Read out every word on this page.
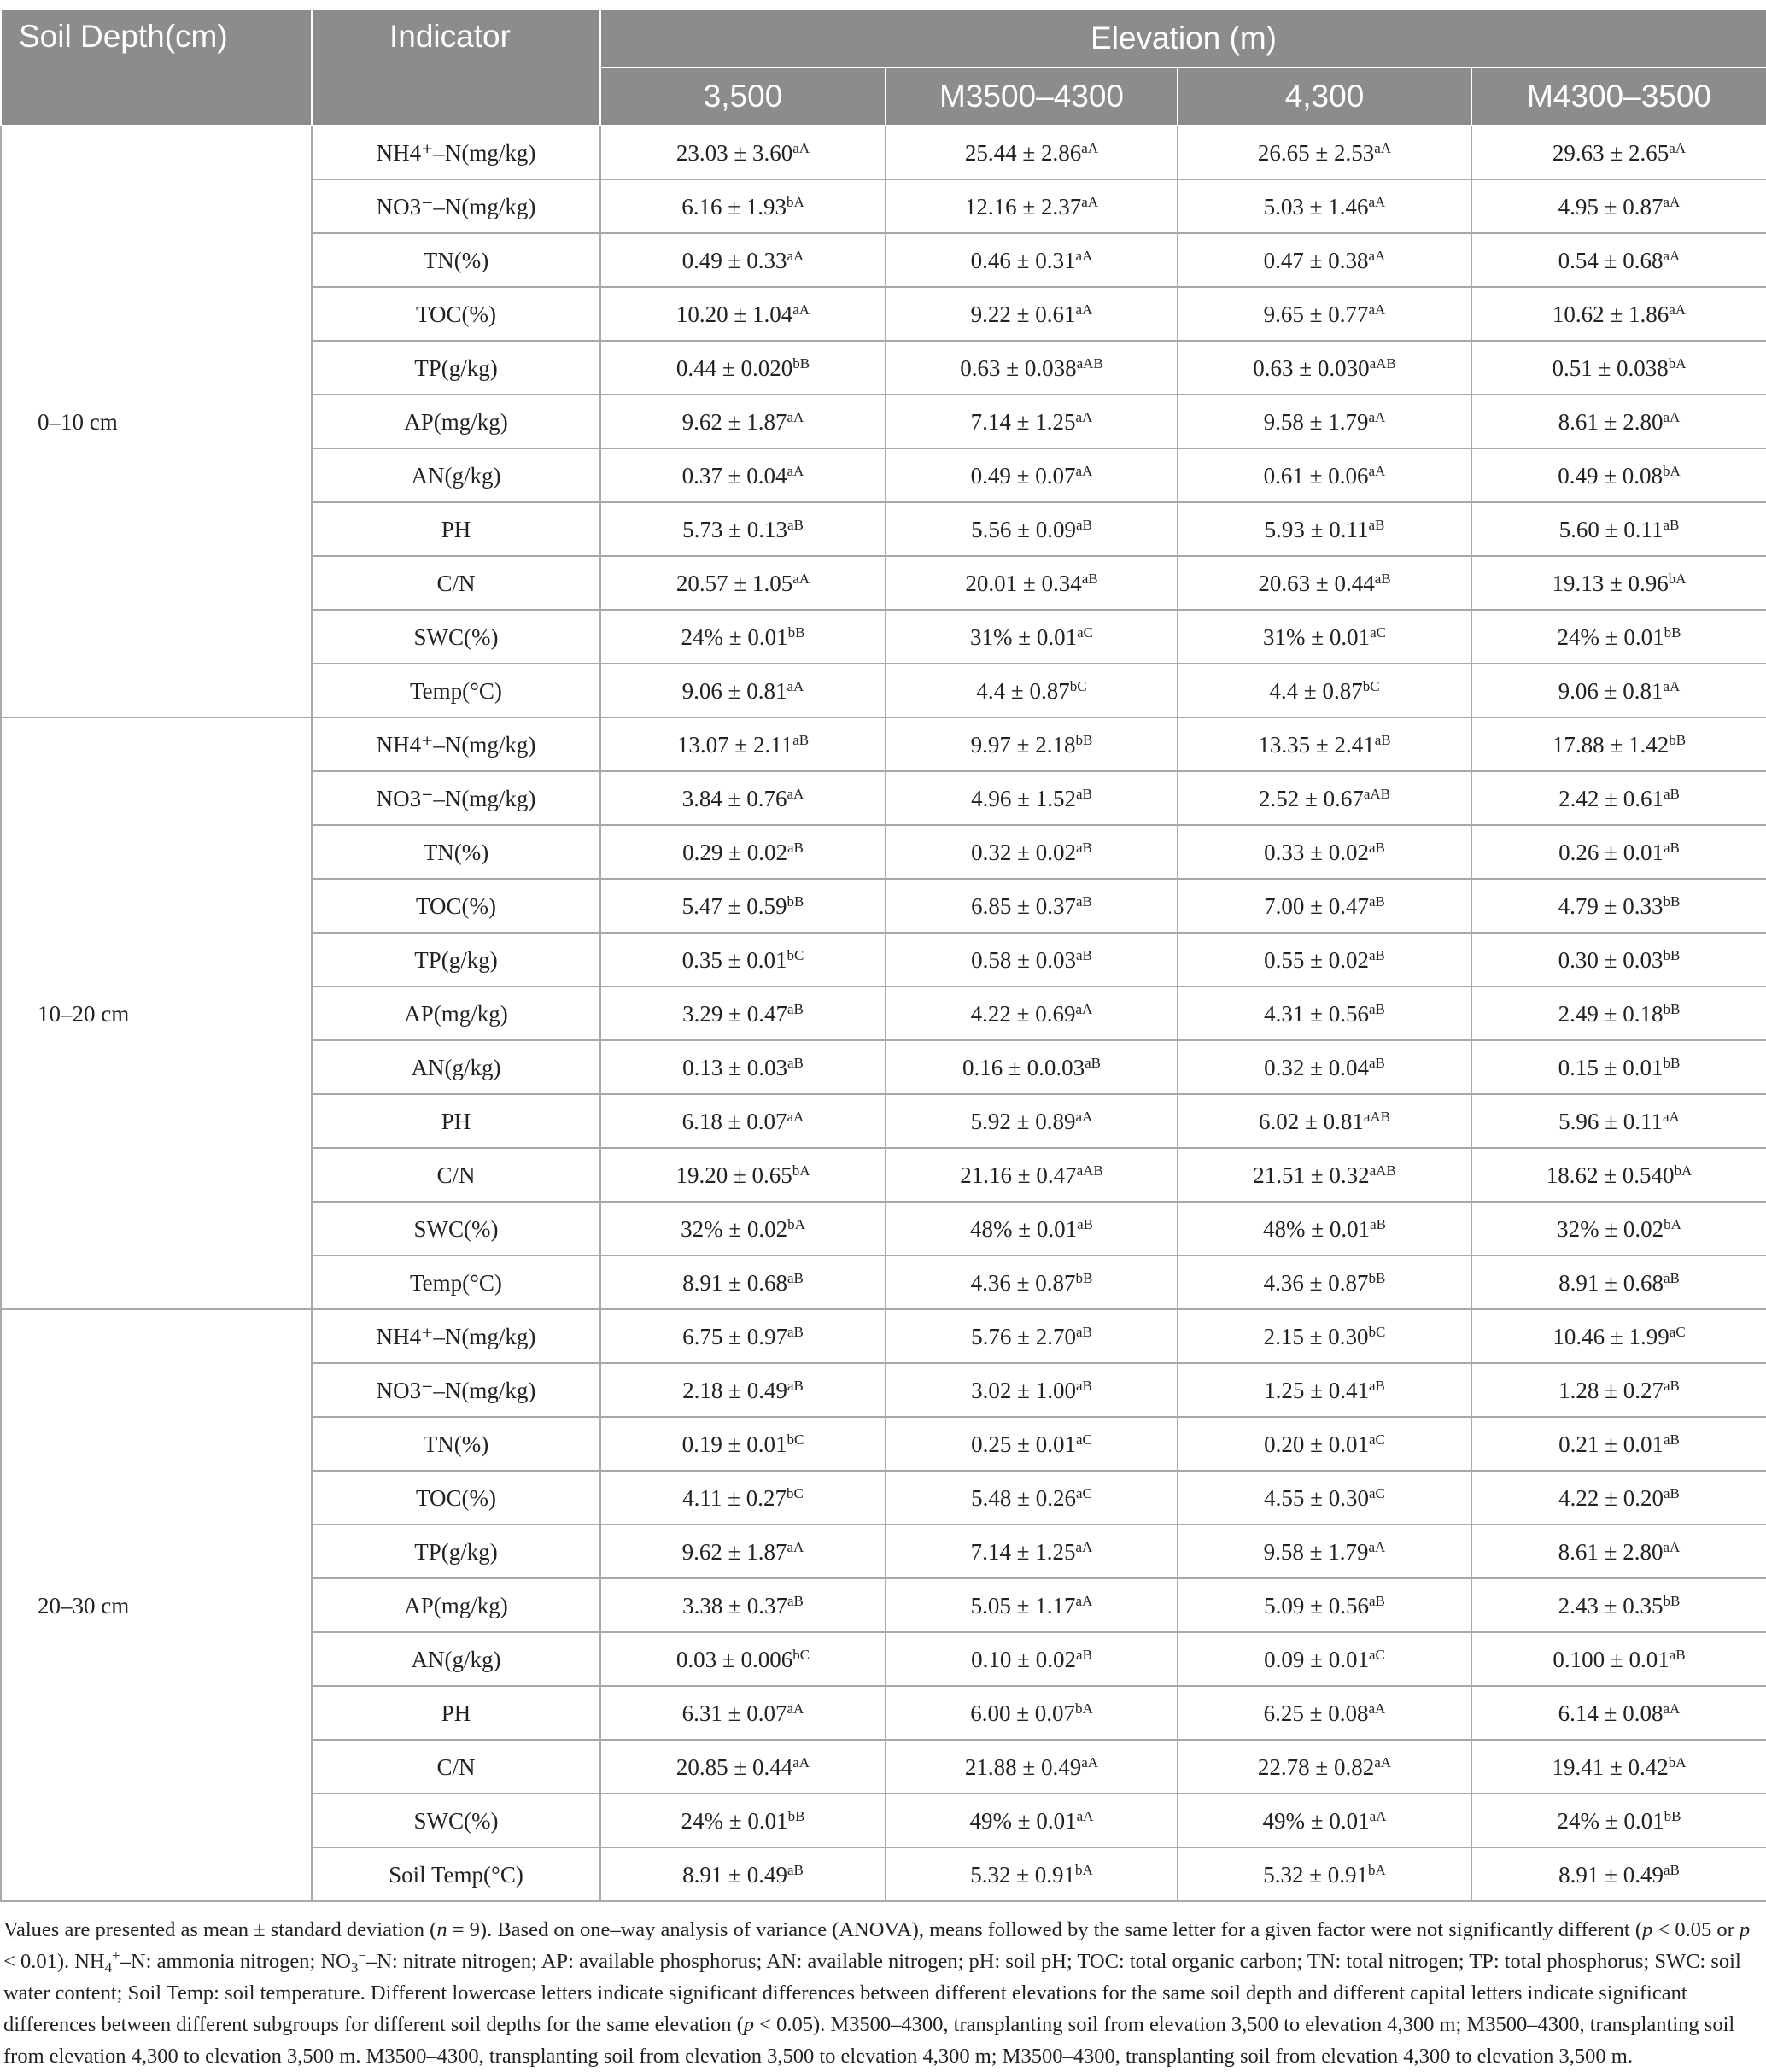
Soil Depth(cm)	Indicator	Elevation (m)			
		3,500	M3500–4300	4,300	M4300–3500
0–10 cm	NH4⁺–N(mg/kg)	$23.03 \pm 3.60^{aA}$	$25.44 \pm 2.86^{aA}$	$26.65 \pm 2.53^{aA}$	$29.63 \pm 2.65^{aA}$
	NO3⁻–N(mg/kg)	$6.16 \pm 1.93^{bA}$	$12.16 \pm 2.37^{aA}$	$5.03 \pm 1.46^{aA}$	$4.95 \pm 0.87^{aA}$
	TN(%)	$0.49 \pm 0.33^{aA}$	$0.46 \pm 0.31^{aA}$	$0.47 \pm 0.38^{aA}$	$0.54 \pm 0.68^{aA}$
	TOC(%)	$10.20 \pm 1.04^{aA}$	$9.22 \pm 0.61^{aA}$	$9.65 \pm 0.77^{aA}$	$10.62 \pm 1.86^{aA}$
	TP(g/kg)	$0.44 \pm 0.020^{bB}$	$0.63 \pm 0.038^{aAB}$	$0.63 \pm 0.030^{aAB}$	$0.51 \pm 0.038^{bA}$
	AP(mg/kg)	$9.62 \pm 1.87^{aA}$	$7.14 \pm 1.25^{aA}$	$9.58 \pm 1.79^{aA}$	$8.61 \pm 2.80^{aA}$
	AN(g/kg)	$0.37 \pm 0.04^{aA}$	$0.49 \pm 0.07^{aA}$	$0.61 \pm 0.06^{aA}$	$0.49 \pm 0.08^{bA}$
	PH	$5.73 \pm 0.13^{aB}$	$5.56 \pm 0.09^{aB}$	$5.93 \pm 0.11^{aB}$	$5.60 \pm 0.11^{aB}$
	C/N	$20.57 \pm 1.05^{aA}$	$20.01 \pm 0.34^{aB}$	$20.63 \pm 0.44^{aB}$	$19.13 \pm 0.96^{bA}$
	SWC(%)	$24\% \pm 0.01^{bB}$	$31\% \pm 0.01^{aC}$	$31\% \pm 0.01^{aC}$	$24\% \pm 0.01^{bB}$
	Temp(°C)	$9.06 \pm 0.81^{aA}$	$4.4 \pm 0.87^{bC}$	$4.4 \pm 0.87^{bC}$	$9.06 \pm 0.81^{aA}$
10–20 cm	NH4⁺–N(mg/kg)	$13.07 \pm 2.11^{aB}$	$9.97 \pm 2.18^{bB}$	$13.35 \pm 2.41^{aB}$	$17.88 \pm 1.42^{bB}$
	NO3⁻–N(mg/kg)	$3.84 \pm 0.76^{aA}$	$4.96 \pm 1.52^{aB}$	$2.52 \pm 0.67^{aAB}$	$2.42 \pm 0.61^{aB}$
	TN(%)	$0.29 \pm 0.02^{aB}$	$0.32 \pm 0.02^{aB}$	$0.33 \pm 0.02^{aB}$	$0.26 \pm 0.01^{aB}$
	TOC(%)	$5.47 \pm 0.59^{bB}$	$6.85 \pm 0.37^{aB}$	$7.00 \pm 0.47^{aB}$	$4.79 \pm 0.33^{bB}$
	TP(g/kg)	$0.35 \pm 0.01^{bC}$	$0.58 \pm 0.03^{aB}$	$0.55 \pm 0.02^{aB}$	$0.30 \pm 0.03^{bB}$
	AP(mg/kg)	$3.29 \pm 0.47^{aB}$	$4.22 \pm 0.69^{aA}$	$4.31 \pm 0.56^{aB}$	$2.49 \pm 0.18^{bB}$
	AN(g/kg)	$0.13 \pm 0.03^{aB}$	$0.16 \pm 0.0.03^{aB}$	$0.32 \pm 0.04^{aB}$	$0.15 \pm 0.01^{bB}$
	PH	$6.18 \pm 0.07^{aA}$	$5.92 \pm 0.89^{aA}$	$6.02 \pm 0.81^{aAB}$	$5.96 \pm 0.11^{aA}$
	C/N	$19.20 \pm 0.65^{bA}$	$21.16 \pm 0.47^{aAB}$	$21.51 \pm 0.32^{aAB}$	$18.62 \pm 0.540^{bA}$
	SWC(%)	$32\% \pm 0.02^{bA}$	$48\% \pm 0.01^{aB}$	$48\% \pm 0.01^{aB}$	$32\% \pm 0.02^{bA}$
	Temp(°C)	$8.91 \pm 0.68^{aB}$	$4.36 \pm 0.87^{bB}$	$4.36 \pm 0.87^{bB}$	$8.91 \pm 0.68^{aB}$
20–30 cm	NH4⁺–N(mg/kg)	$6.75 \pm 0.97^{aB}$	$5.76 \pm 2.70^{aB}$	$2.15 \pm 0.30^{bC}$	$10.46 \pm 1.99^{aC}$
	NO3⁻–N(mg/kg)	$2.18 \pm 0.49^{aB}$	$3.02 \pm 1.00^{aB}$	$1.25 \pm 0.41^{aB}$	$1.28 \pm 0.27^{aB}$
	TN(%)	$0.19 \pm 0.01^{bC}$	$0.25 \pm 0.01^{aC}$	$0.20 \pm 0.01^{aC}$	$0.21 \pm 0.01^{aB}$
	TOC(%)	$4.11 \pm 0.27^{bC}$	$5.48 \pm 0.26^{aC}$	$4.55 \pm 0.30^{aC}$	$4.22 \pm 0.20^{aB}$
	TP(g/kg)	$9.62 \pm 1.87^{aA}$	$7.14 \pm 1.25^{aA}$	$9.58 \pm 1.79^{aA}$	$8.61 \pm 2.80^{aA}$
	AP(mg/kg)	$3.38 \pm 0.37^{aB}$	$5.05 \pm 1.17^{aA}$	$5.09 \pm 0.56^{aB}$	$2.43 \pm 0.35^{bB}$
	AN(g/kg)	$0.03 \pm 0.006^{bC}$	$0.10 \pm 0.02^{aB}$	$0.09 \pm 0.01^{aC}$	$0.100 \pm 0.01^{aB}$
	PH	$6.31 \pm 0.07^{aA}$	$6.00 \pm 0.07^{bA}$	$6.25 \pm 0.08^{aA}$	$6.14 \pm 0.08^{aA}$
	C/N	$20.85 \pm 0.44^{aA}$	$21.88 \pm 0.49^{aA}$	$22.78 \pm 0.82^{aA}$	$19.41 \pm 0.42^{bA}$
	SWC(%)	$24\% \pm 0.01^{bB}$	$49\% \pm 0.01^{aA}$	$49\% \pm 0.01^{aA}$	$24\% \pm 0.01^{bB}$
	Soil Temp(°C)	$8.91 \pm 0.49^{aB}$	$5.32 \pm 0.91^{bA}$	$5.32 \pm 0.91^{bA}$	$8.91 \pm 0.49^{aB}$

Values are presented as mean ± standard deviation (n = 9). Based on one–way analysis of variance (ANOVA), means followed by the same letter for a given factor were not significantly different (p < 0.05 or p < 0.01). $NH_4^+-N$: ammonia nitrogen; $NO_3^--N$: nitrate nitrogen; AP: available phosphorus; AN: available nitrogen; pH: soil pH; TOC: total organic carbon; TN: total nitrogen; TP: total phosphorus; SWC: soil water content; Soil Temp: soil temperature. Different lowercase letters indicate significant differences between different elevations for the same soil depth and different capital letters indicate significant differences between different subgroups for different soil depths for the same elevation (p < 0.05). M3500–4300, transplanting soil from elevation 3,500 to elevation 4,300 m; M3500–4300, transplanting soil from elevation 4,300 to elevation 3,500 m. M3500–4300, transplanting soil from elevation 3,500 to elevation 4,300 m; M3500–4300, transplanting soil from elevation 4,300 to elevation 3,500 m.
